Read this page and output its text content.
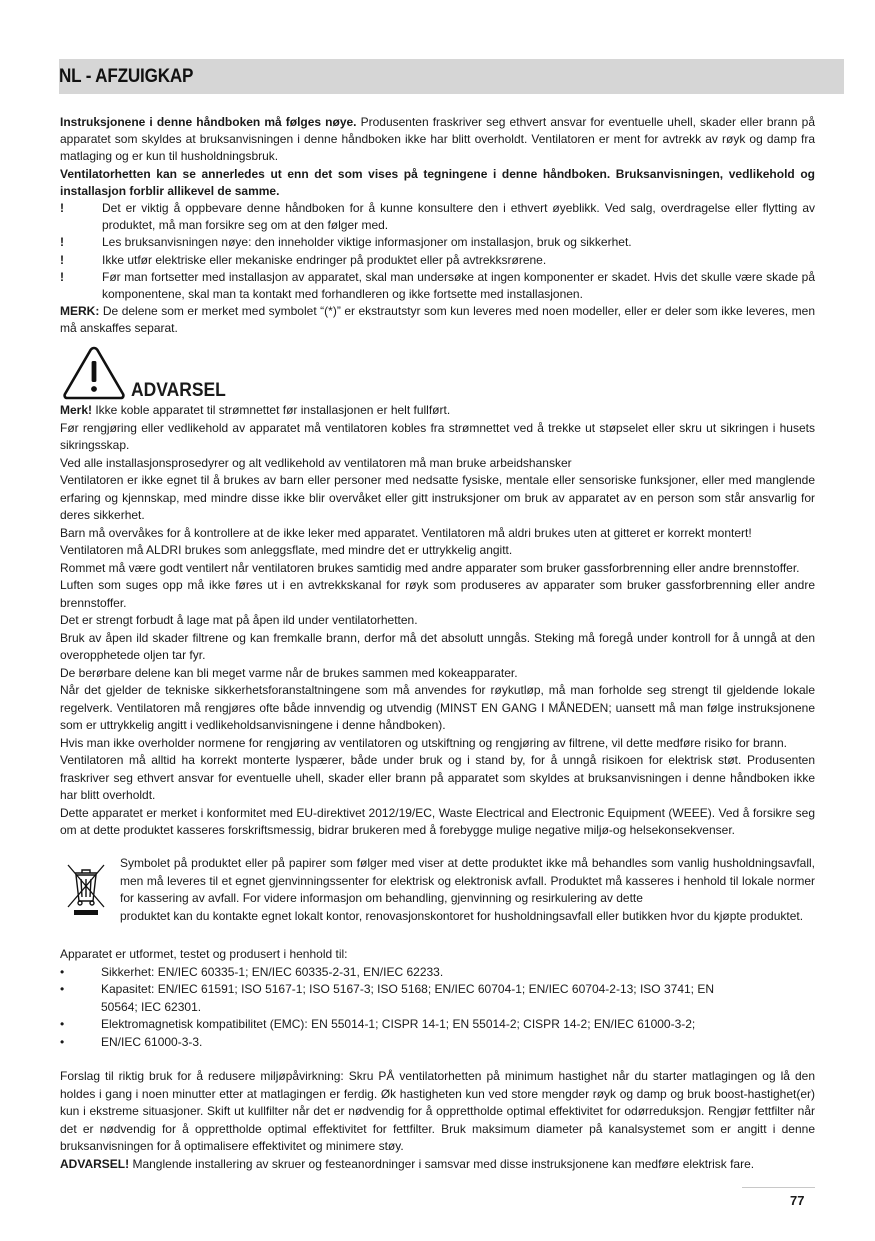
NL - AFZUIGKAP

Instruksjonene i denne håndboken må følges nøye. Produsenten fraskriver seg ethvert ansvar for eventuelle uhell, skader eller brann på apparatet som skyldes at bruksanvisningen i denne håndboken ikke har blitt overholdt. Ventilatoren er ment for avtrekk av røyk og damp fra matlaging og er kun til husholdningsbruk.

Ventilatorhetten kan se annerledes ut enn det som vises på tegningene i denne håndboken. Bruksanvisningen, vedlikehold og installasjon forblir allikevel de samme.

!	Det er viktig å oppbevare denne håndboken for å kunne konsultere den i ethvert øyeblikk. Ved salg, overdragelse eller flytting av produktet, må man forsikre seg om at den følger med.
!	Les bruksanvisningen nøye: den inneholder viktige informasjoner om installasjon, bruk og sikkerhet.
!	Ikke utfør elektriske eller mekaniske endringer på produktet eller på avtrekksrørene.
!	Før man fortsetter med installasjon av apparatet, skal man undersøke at ingen komponenter er skadet. Hvis det skulle være skade på komponentene, skal man ta kontakt med forhandleren og ikke fortsette med installasjonen.

MERK: De delene som er merket med symbolet “(*)” er ekstrautstyr som kun leveres med noen modeller, eller er deler som ikke leveres, men må anskaffes separat.

ADVARSEL

Merk! Ikke koble apparatet til strømnettet før installasjonen er helt fullført.

Før rengjøring eller vedlikehold av apparatet må ventilatoren kobles fra strømnettet ved å trekke ut støpselet eller skru ut sikringen i husets sikringsskap.

Ved alle installasjonsprosedyrer og alt vedlikehold av ventilatoren må man bruke arbeidshansker

Ventilatoren er ikke egnet til å brukes av barn eller personer med nedsatte fysiske, mentale eller sensoriske funksjoner, eller med manglende erfaring og kjennskap, med mindre disse ikke blir overvåket eller gitt instruksjoner om bruk av apparatet av en person som står ansvarlig for deres sikkerhet.

Barn må overvåkes for å kontrollere at de ikke leker med apparatet. Ventilatoren må aldri brukes uten at gitteret er korrekt montert!

Ventilatoren må ALDRI brukes som anleggsflate, med mindre det er uttrykkelig angitt.

Rommet må være godt ventilert når ventilatoren brukes samtidig med andre apparater som bruker gassforbrenning eller andre brennstoffer.

Luften som suges opp må ikke føres ut i en avtrekkskanal for røyk som produseres av apparater som bruker gassforbrenning eller andre brennstoffer.

Det er strengt forbudt å lage mat på åpen ild under ventilatorhetten.

Bruk av åpen ild skader filtrene og kan fremkalle brann, derfor må det absolutt unngås. Steking må foregå under kontroll for å unngå at den overopphetede oljen tar fyr.

De berørbare delene kan bli meget varme når de brukes sammen med kokeapparater.

Når det gjelder de tekniske sikkerhetsforanstaltningene som må anvendes for røykutløp, må man forholde seg strengt til gjeldende lokale regelverk. Ventilatoren må rengjøres ofte både innvendig og utvendig (MINST EN GANG I MÅNEDEN; uansett må man følge instruksjonene som er uttrykkelig angitt i vedlikeholdsanvisningene i denne håndboken).

Hvis man ikke overholder normene for rengjøring av ventilatoren og utskiftning og rengjøring av filtrene, vil dette medføre risiko for brann.

Ventilatoren må alltid ha korrekt monterte lyspærer, både under bruk og i stand by, for å unngå risikoen for elektrisk støt. Produsenten fraskriver seg ethvert ansvar for eventuelle uhell, skader eller brann på apparatet som skyldes at bruksanvisningen i denne håndboken ikke har blitt overholdt.

Dette apparatet er merket i konformitet med EU-direktivet 2012/19/EC, Waste Electrical and Electronic Equipment (WEEE). Ved å forsikre seg om at dette produktet kasseres forskriftsmessig, bidrar brukeren med å forebygge mulige negative miljø-og helsekonsekvenser.

Symbolet på produktet eller på papirer som følger med viser at dette produktet ikke må behandles som vanlig husholdningsavfall, men må leveres til et egnet gjenvinningssenter for elektrisk og elektronisk avfall. Produktet må kasseres i henhold til lokale normer for kassering av avfall. For videre informasjon om behandling, gjenvinning og resirkulering av dette

produktet kan du kontakte egnet lokalt kontor, renovasjonskontoret for husholdningsavfall eller butikken hvor du kjøpte produktet.

Apparatet er utformet, testet og produsert i henhold til:

•	Sikkerhet: EN/IEC 60335-1; EN/IEC 60335-2-31, EN/IEC 62233.
•	Kapasitet: EN/IEC 61591; ISO 5167-1; ISO 5167-3; ISO 5168; EN/IEC 60704-1; EN/IEC 60704-2-13; ISO 3741; EN 50564; IEC 62301.
•	Elektromagnetisk kompatibilitet (EMC): EN 55014-1; CISPR 14-1; EN 55014-2; CISPR 14-2; EN/IEC 61000-3-2;
•	EN/IEC 61000-3-3.

Forslag til riktig bruk for å redusere miljøpåvirkning: Skru PÅ ventilatorhetten på minimum hastighet når du starter matlagingen og lå den holdes i gang i noen minutter etter at matlagingen er ferdig. Øk hastigheten kun ved store mengder røyk og damp og bruk boost-hastighet(er) kun i ekstreme situasjoner. Skift ut kullfilter når det er nødvendig for å opprettholde optimal effektivitet for odørreduksjon. Rengjør fettfilter når det er nødvendig for å opprettholde optimal effektivitet for fettfilter. Bruk maksimum diameter på kanalsystemet som er angitt i denne bruksanvisningen for å optimalisere effektivitet og minimere støy.

ADVARSEL! Manglende installering av skruer og festeanordninger i samsvar med disse instruksjonene kan medføre elektrisk fare.

77
